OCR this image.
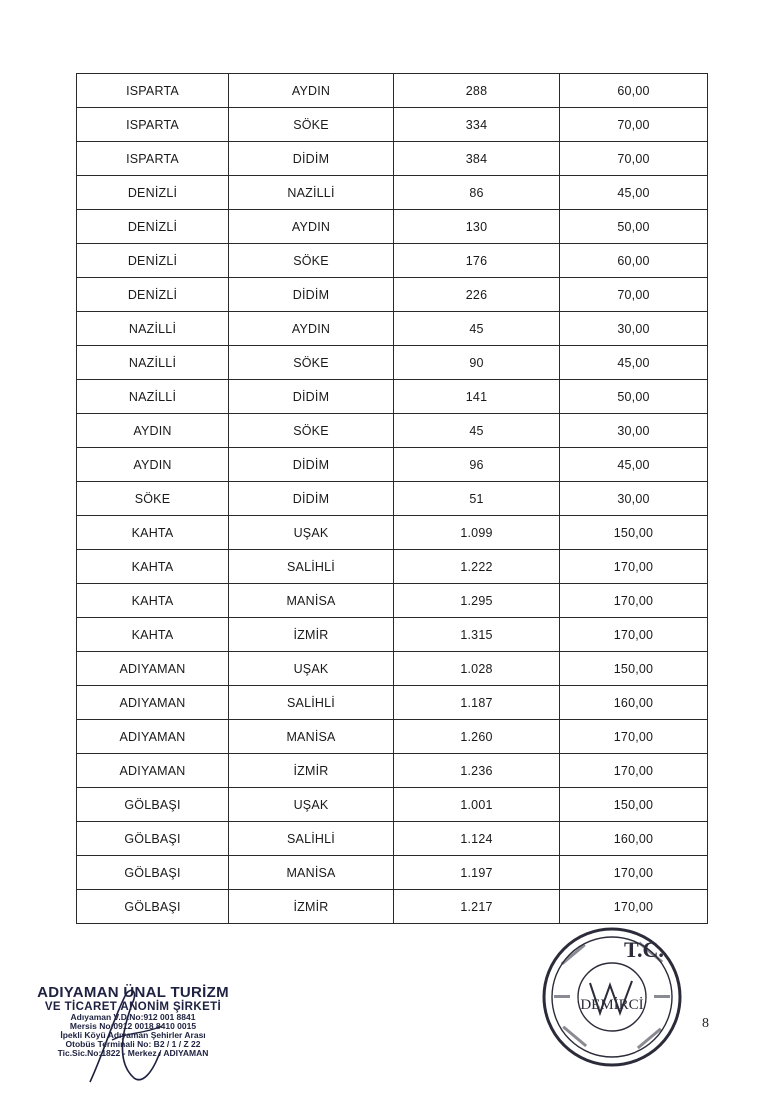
ISPARTA	AYDIN	288	60,00
ISPARTA	SÖKE	334	70,00
ISPARTA	DİDİM	384	70,00
DENİZLİ	NAZİLLİ	86	45,00
DENİZLİ	AYDIN	130	50,00
DENİZLİ	SÖKE	176	60,00
DENİZLİ	DİDİM	226	70,00
NAZİLLİ	AYDIN	45	30,00
NAZİLLİ	SÖKE	90	45,00
NAZİLLİ	DİDİM	141	50,00
AYDIN	SÖKE	45	30,00
AYDIN	DİDİM	96	45,00
SÖKE	DİDİM	51	30,00
KAHTA	UŞAK	1.099	150,00
KAHTA	SALİHLİ	1.222	170,00
KAHTA	MANİSA	1.295	170,00
KAHTA	İZMİR	1.315	170,00
ADIYAMAN	UŞAK	1.028	150,00
ADIYAMAN	SALİHLİ	1.187	160,00
ADIYAMAN	MANİSA	1.260	170,00
ADIYAMAN	İZMİR	1.236	170,00
GÖLBAŞI	UŞAK	1.001	150,00
GÖLBAŞI	SALİHLİ	1.124	160,00
GÖLBAŞI	MANİSA	1.197	170,00
GÖLBAŞI	İZMİR	1.217	170,00
ADIYAMAN ÜNAL TURİZM
VE TİCARET ANONİM ŞİRKETİ
Adıyaman V.D.No:912 001 8841
Mersis No:0912 0018 8410 0015
İpekli Köyü Adıyaman Şehirler Arası
Otobüs Terminali No: B2 / 1 / Z 22
Tic.Sic.No:1822 - Merkez / ADIYAMAN
T.C.
DEMİRCİ
8
